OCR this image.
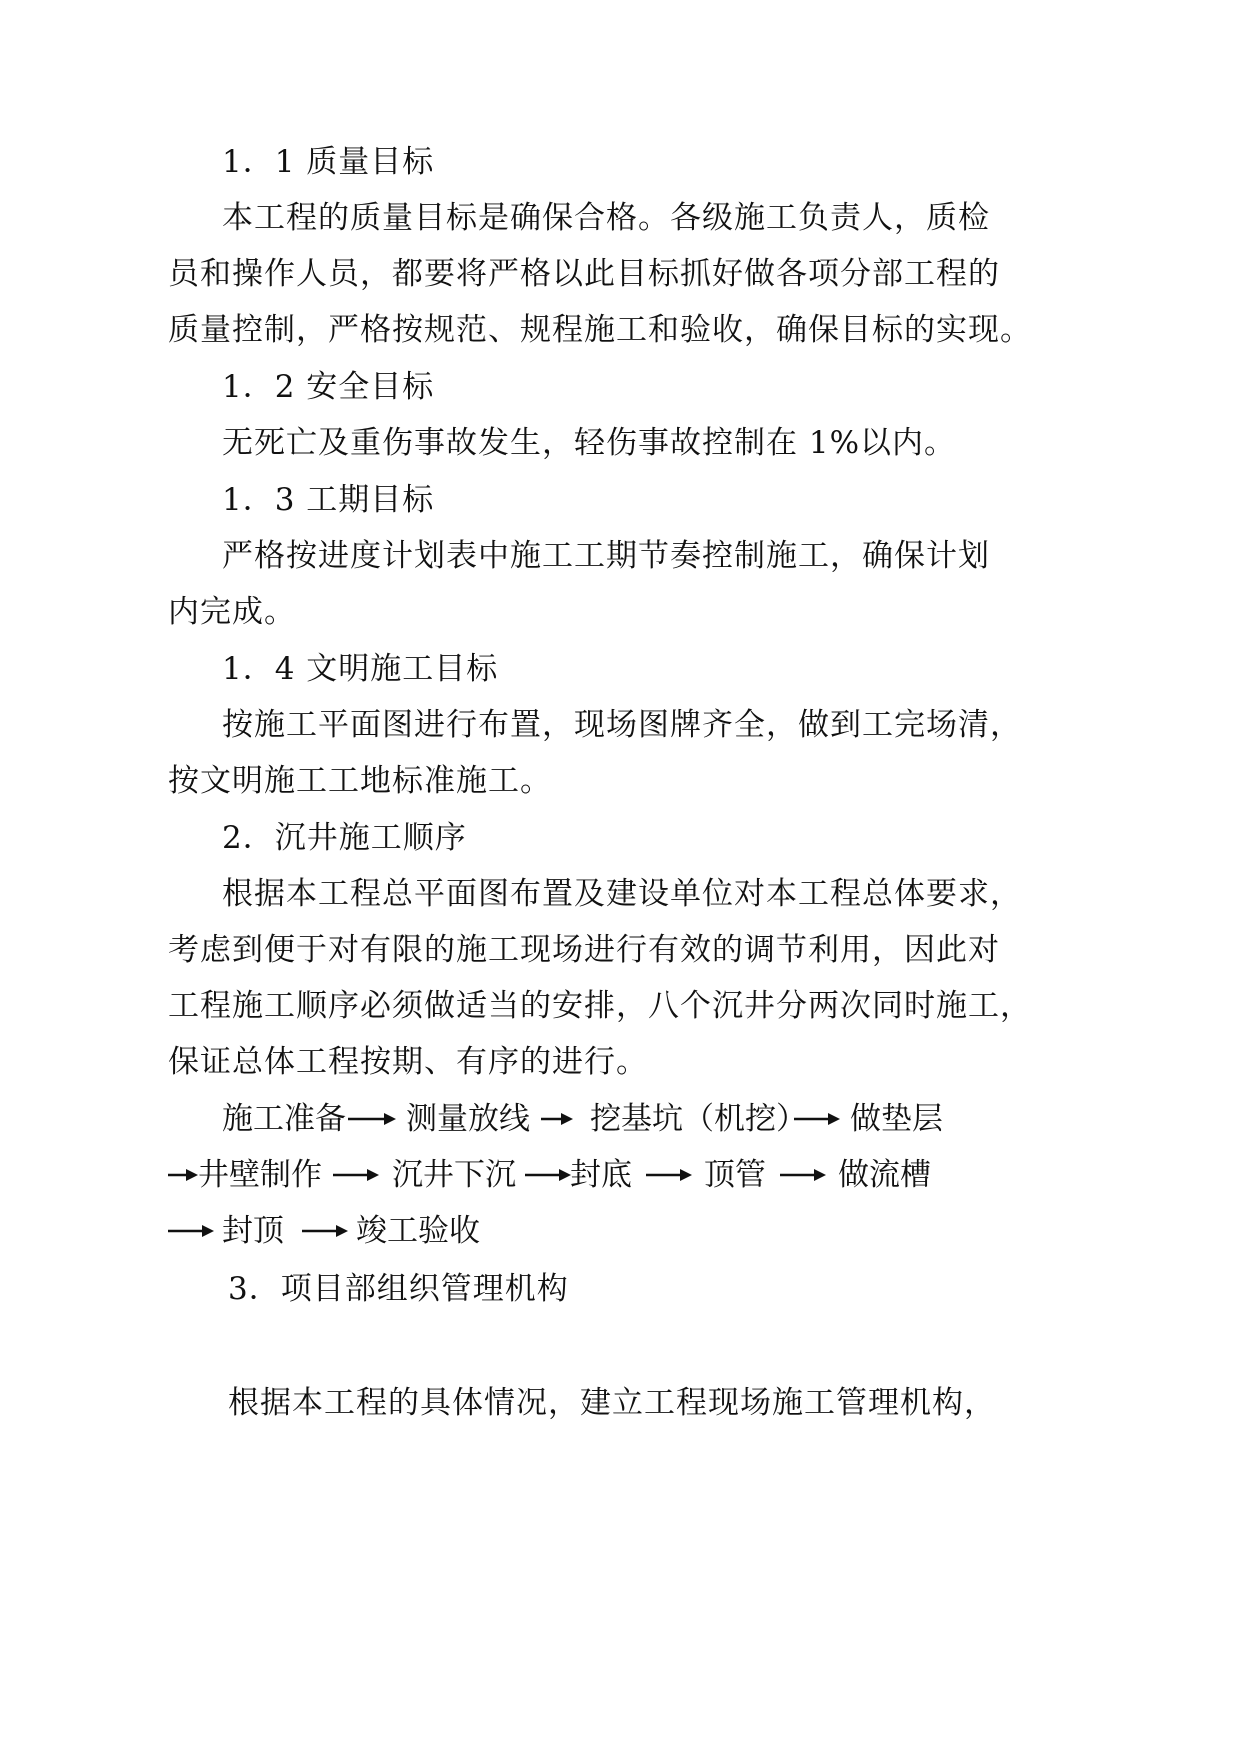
1．1 质量目标
本工程的质量目标是确保合格。各级施工负责人，质检
员和操作人员，都要将严格以此目标抓好做各项分部工程的
质量控制，严格按规范、规程施工和验收，确保目标的实现。
1．2 安全目标
无死亡及重伤事故发生，轻伤事故控制在 1%以内。
1．3 工期目标
严格按进度计划表中施工工期节奏控制施工，确保计划
内完成。
1．4 文明施工目标
按施工平面图进行布置，现场图牌齐全，做到工完场清，
按文明施工工地标准施工。
2．沉井施工顺序
根据本工程总平面图布置及建设单位对本工程总体要求，
考虑到便于对有限的施工现场进行有效的调节利用，因此对
工程施工顺序必须做适当的安排，八个沉井分两次同时施工，
保证总体工程按期、有序的进行。
施工准备 测量放线 挖基坑（机挖） 做垫层
井壁制作 沉井下沉 封底 顶管 做流槽
封顶 竣工验收
3．项目部组织管理机构
根据本工程的具体情况，建立工程现场施工管理机构，
